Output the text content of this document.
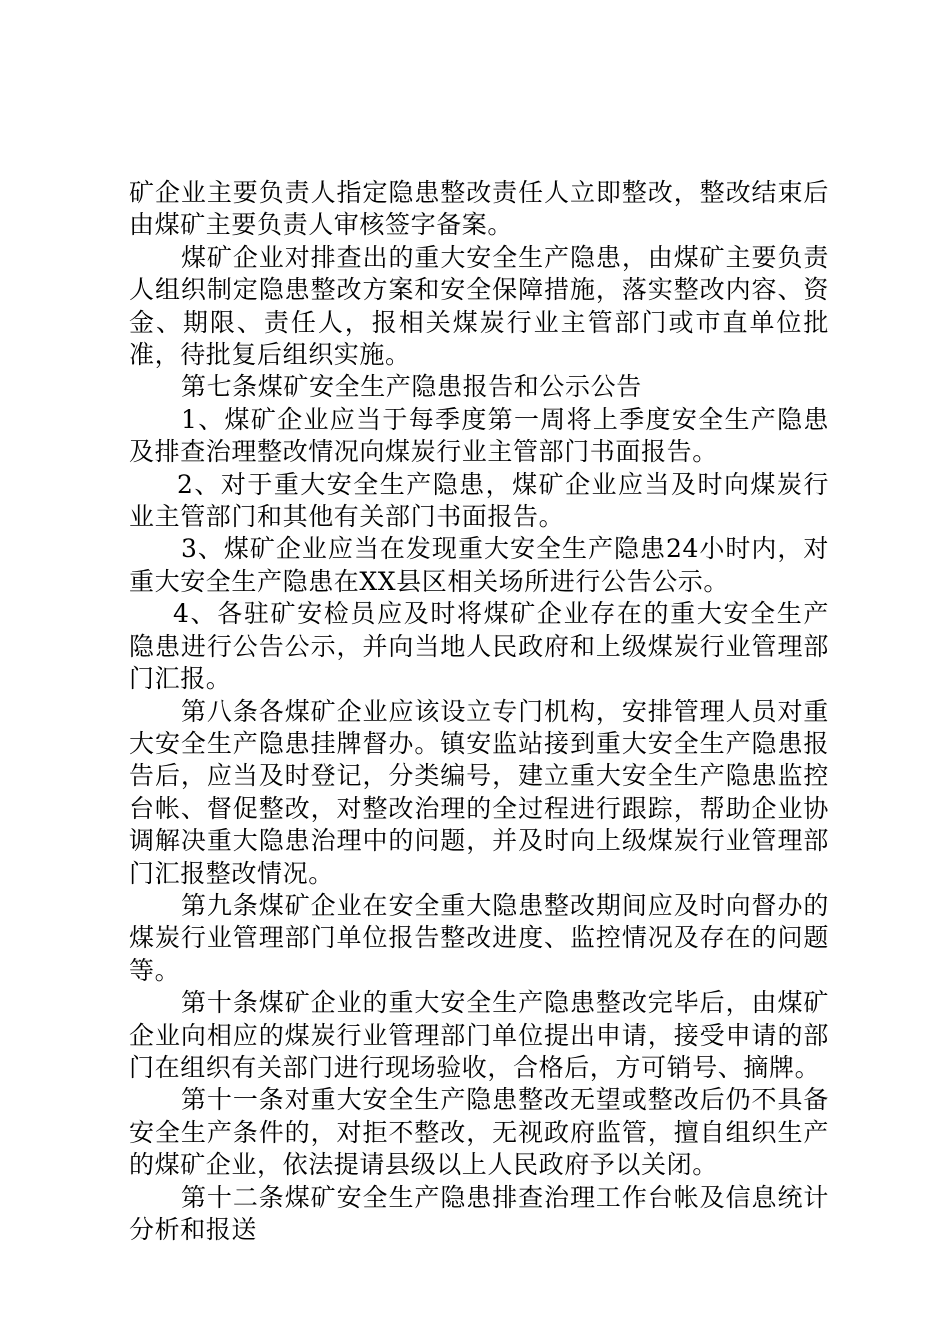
矿企业主要负责人指定隐患整改责任人立即整改，整改结束后由煤矿主要负责人审核签字备案。

煤矿企业对排查出的重大安全生产隐患，由煤矿主要负责人组织制定隐患整改方案和安全保障措施，落实整改内容、资金、期限、责任人，报相关煤炭行业主管部门或市直单位批准，待批复后组织实施。

第七条煤矿安全生产隐患报告和公示公告

1、煤矿企业应当于每季度第一周将上季度安全生产隐患及排查治理整改情况向煤炭行业主管部门书面报告。

2、对于重大安全生产隐患，煤矿企业应当及时向煤炭行业主管部门和其他有关部门书面报告。

3、煤矿企业应当在发现重大安全生产隐患24小时内，对重大安全生产隐患在XX县区相关场所进行公告公示。

4、各驻矿安检员应及时将煤矿企业存在的重大安全生产隐患进行公告公示，并向当地人民政府和上级煤炭行业管理部门汇报。

第八条各煤矿企业应该设立专门机构，安排管理人员对重大安全生产隐患挂牌督办。镇安监站接到重大安全生产隐患报告后，应当及时登记，分类编号，建立重大安全生产隐患监控台帐、督促整改，对整改治理的全过程进行跟踪，帮助企业协调解决重大隐患治理中的问题，并及时向上级煤炭行业管理部门汇报整改情况。

第九条煤矿企业在安全重大隐患整改期间应及时向督办的煤炭行业管理部门单位报告整改进度、监控情况及存在的问题等。

第十条煤矿企业的重大安全生产隐患整改完毕后，由煤矿企业向相应的煤炭行业管理部门单位提出申请，接受申请的部门在组织有关部门进行现场验收，合格后，方可销号、摘牌。

第十一条对重大安全生产隐患整改无望或整改后仍不具备安全生产条件的，对拒不整改，无视政府监管，擅自组织生产的煤矿企业，依法提请县级以上人民政府予以关闭。

第十二条煤矿安全生产隐患排查治理工作台帐及信息统计分析和报送
